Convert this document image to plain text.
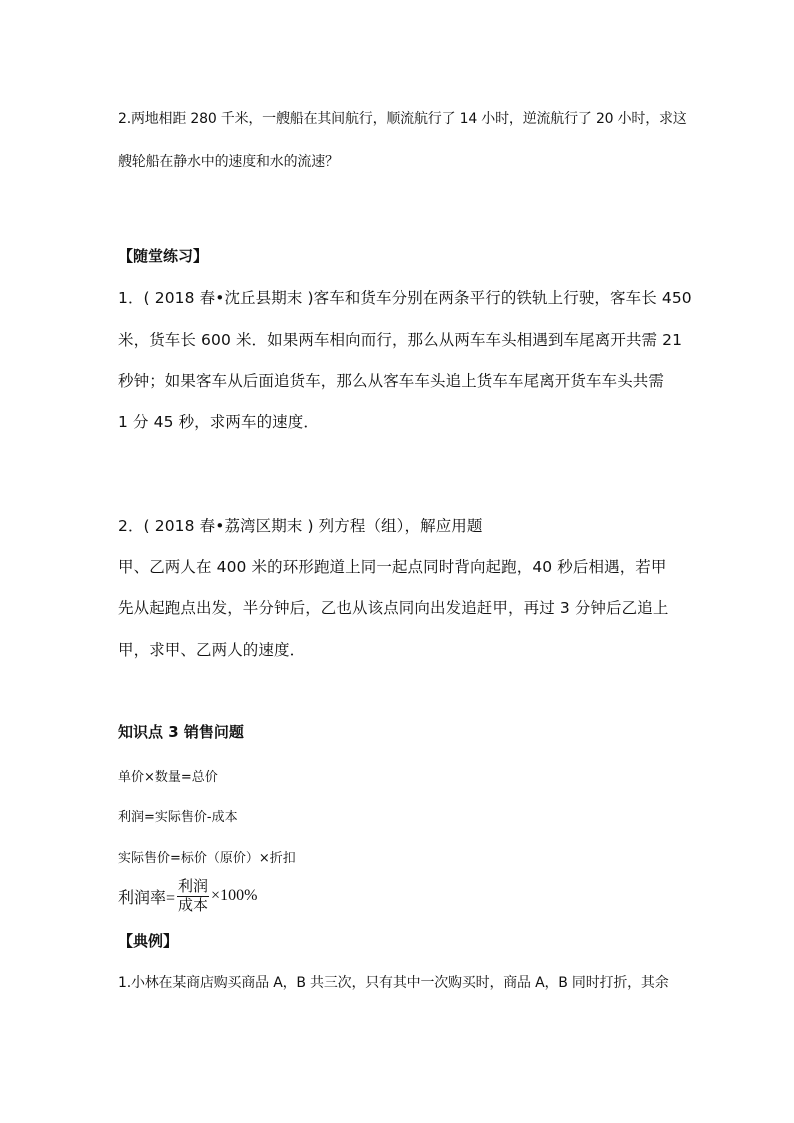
2.两地相距 280 千米，一艘船在其间航行，顺流航行了 14 小时，逆流航行了 20 小时，求这
艘轮船在静水中的速度和水的流速？
【随堂练习】
1．( 2018 春•沈丘县期末 )客车和货车分别在两条平行的铁轨上行驶，客车长 450
米，货车长 600 米．如果两车相向而行，那么从两车车头相遇到车尾离开共需 21
秒钟；如果客车从后面追货车，那么从客车车头追上货车车尾离开货车车头共需
1 分 45 秒，求两车的速度．
2．( 2018 春•荔湾区期末 ) 列方程（组），解应用题
甲、乙两人在 400 米的环形跑道上同一起点同时背向起跑，40 秒后相遇，若甲
先从起跑点出发，半分钟后，乙也从该点同向出发追赶甲，再过 3 分钟后乙追上
甲，求甲、乙两人的速度．
知识点 3 销售问题
单价×数量=总价
利润=实际售价-成本
实际售价=标价（原价）×折扣
利润率= $\frac{\text{利润}}{\text{成本}} \times 100\%$
【典例】
1.小林在某商店购买商品 A，B 共三次，只有其中一次购买时，商品 A，B 同时打折，其余
